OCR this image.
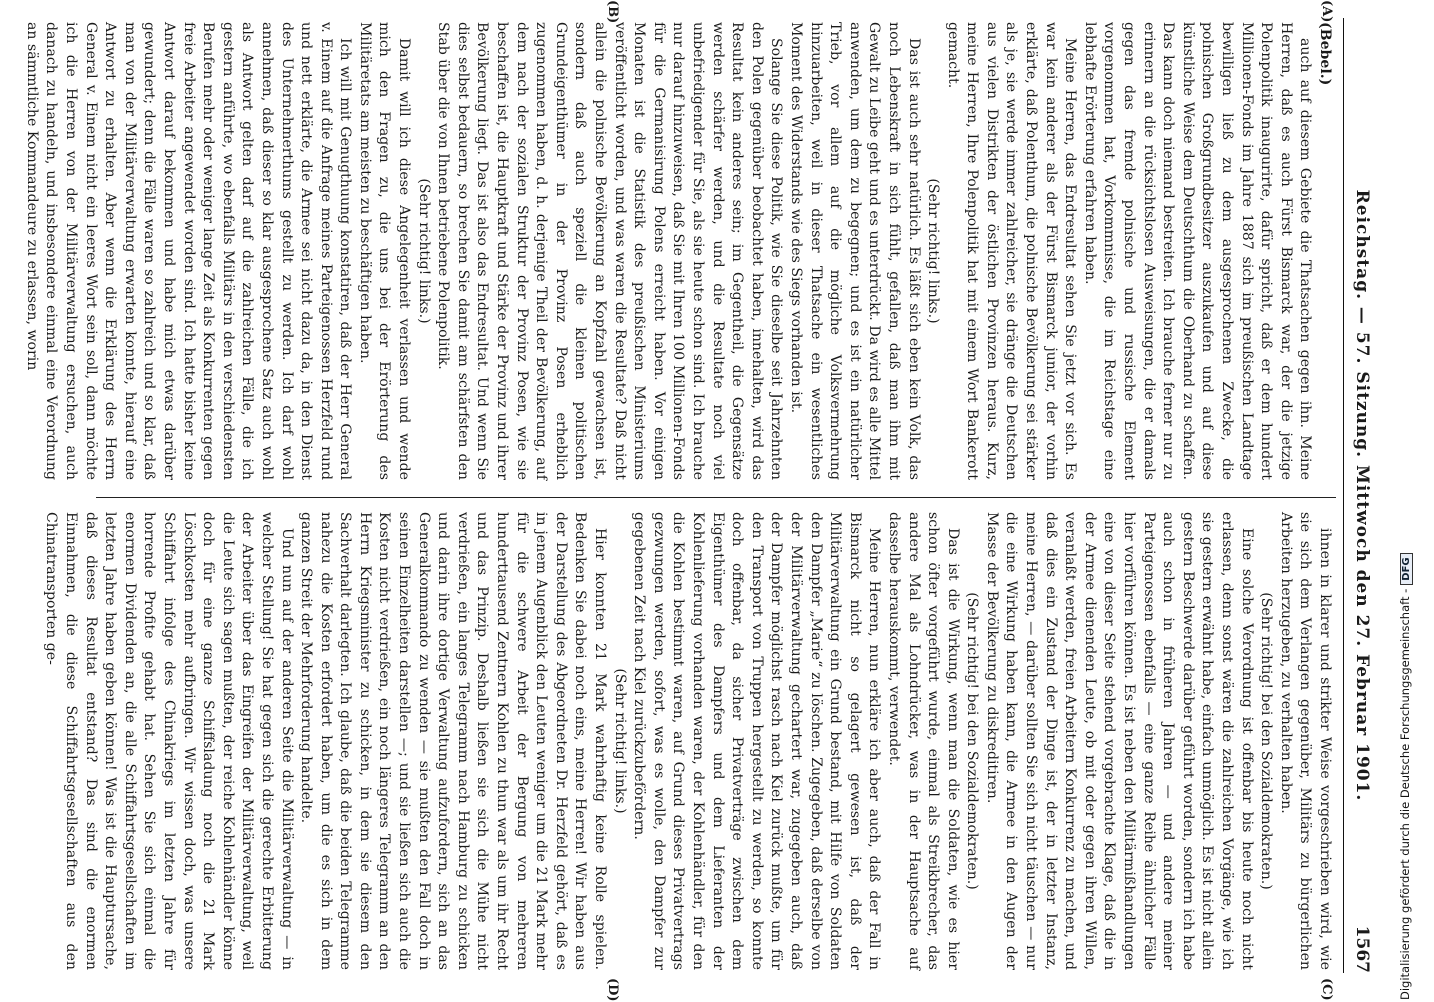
Reichstag. — 57. Sitzung. Mittwoch den 27. Februar 1901.
1567
(A)
(B)
(C)
(D)

(Bebel.)

auch auf diesem Gebiete die Thatsachen gegen ihn. Meine Herren, daß es auch Fürst Bismarck war, der die jetzige Polenpolitik inaugurirte, dafür spricht, daß er dem hundert Millionen-Fonds im Jahre 1887 sich im preußischen Landtage bewilligen ließ zu dem ausgesprochenen Zwecke, die polnischen Großgrundbesitzer auszukaufen und auf diese künstliche Weise dem Deutschthum die Oberhand zu schaffen. Das kann doch niemand bestreiten. Ich brauche ferner nur zu erinnern an die rücksichtslosen Ausweisungen, die er damals gegen das fremde polnische und russische Element vorgenommen hat, Vorkommnisse, die im Reichstage eine lebhafte Erörterung erfahren haben.

Meine Herren, das Endresultat sehen Sie jetzt vor sich. Es war kein anderer als der Fürst Bismarck junior, der vorhin erklärte, daß Polenthum, die polnische Bevölkerung sei stärker als je, sie werde immer zahlreicher, sie dränge die Deutschen aus vielen Distrikten der östlichen Provinzen heraus. Kurz, meine Herren, Ihre Polenpolitik hat mit einem Wort Bankerott gemacht.

(Sehr richtig! links.)

Das ist auch sehr natürlich. Es läßt sich eben kein Volk, das noch Lebenskraft in sich fühlt, gefallen, daß man ihm mit Gewalt zu Leibe geht und es unterdrückt. Da wird es alle Mittel anwenden, um dem zu begegnen; und es ist ein natürlicher Trieb, vor allem auf die mögliche Volksvermehrung hinzuarbeiten, weil in dieser Thatsache ein wesentliches Moment des Widerstands wie des Siegs vorhanden ist.

Solange Sie diese Politik, wie Sie dieselbe seit Jahrzehnten den Polen gegenüber beobachtet haben, innehalten, wird das Resultat kein anderes sein; im Gegentheil, die Gegensätze werden schärfer werden, und die Resultate noch viel unbefriedigender für Sie, als sie heute schon sind. Ich brauche nur darauf hinzuweisen, daß Sie mit Ihren 100 Millionen-Fonds für die Germanisirung Polens erreicht haben. Vor einigen Monaten ist die Statistik des preußischen Ministeriums veröffentlicht worden, und was waren die Resultate? Daß nicht allein die polnische Bevölkerung an Kopfzahl gewachsen ist, sondern daß auch speziell die kleinen politischen Grundeigenthümer in der Provinz Posen erheblich zugenommen haben, d. h. derjenige Theil der Bevölkerung, auf dem nach der sozialen Struktur der Provinz Posen, wie sie beschaffen ist, die Hauptkraft und Stärke der Provinz und ihrer Bevölkerung liegt. Das ist also das Endresultat. Und wenn Sie dies selbst bedauern, so brechen Sie damit am schärfsten den Stab über die von Ihnen betriebene Polenpolitik.

(Sehr richtig! links.)

Damit will ich diese Angelegenheit verlassen und wende mich den Fragen zu, die uns bei der Erörterung des Militäretats am meisten zu beschäftigen haben.

Ich will mit Genugthuung konstatiren, daß der Herr General v. Einem auf die Anfrage meines Parteigenossen Herzfeld rund und nett erklärte, die Armee sei nicht dazu da, in den Dienst des Unternehmerthums gestellt zu werden. Ich darf wohl annehmen, daß dieser so klar ausgesprochene Satz auch wohl als Antwort gelten darf auf die zahlreichen Fälle, die ich gestern anführte, wo ebenfalls Militärs in den verschiedensten Berufen mehr oder weniger lange Zeit als Konkurrenten gegen freie Arbeiter angewendet worden sind. Ich hatte bisher keine Antwort darauf bekommen und habe mich etwas darüber gewundert; denn die Fälle waren so zahlreich und so klar, daß man von der Militärverwaltung erwarten konnte, hierauf eine Antwort zu erhalten. Aber wenn die Erklärung des Herrn General v. Einem nicht ein leeres Wort sein soll, dann möchte ich die Herren von der Militärverwaltung ersuchen, auch danach zu handeln, und insbesondere einmal eine Verordnung an sämmtliche Kommandeure zu erlassen, worin

ihnen in klarer und strikter Weise vorgeschrieben wird, wie sie sich dem Verlangen gegenüber, Militärs zu bürgerlichen Arbeiten herzugeben, zu verhalten haben.

(Sehr richtig! bei den Sozialdemokraten.)

Eine solche Verordnung ist offenbar bis heute noch nicht erlassen, denn sonst wären die zahlreichen Vorgänge, wie ich sie gestern erwähnt habe, einfach unmöglich. Es ist nicht allein gestern Beschwerde darüber geführt worden, sondern ich habe auch schon in früheren Jahren — und andere meiner Parteigenossen ebenfalls — eine ganze Reihe ähnlicher Fälle hier vorführen können. Es ist neben den Militärmißhandlungen eine von dieser Seite stehend vorgebrachte Klage, daß die in der Armee dienenden Leute, ob mit oder gegen ihren Willen, veranlaßt werden, freien Arbeitern Konkurrenz zu machen, und daß dies ein Zustand der Dinge ist, der in letzter Instanz, meine Herren, — darüber sollten Sie sich nicht täuschen — nur die eine Wirkung haben kann, die Armee in den Augen der Masse der Bevölkerung zu diskreditiren.

(Sehr richtig! bei den Sozialdemokraten.)

Das ist die Wirkung, wenn man die Soldaten, wie es hier schon öfter vorgeführt wurde, einmal als Streikbrecher, das andere Mal als Lohndrücker, was in der Hauptsache auf dasselbe herauskommt, verwendet.

Meine Herren, nun erkläre ich aber auch, daß der Fall in Bismarck nicht so gelagert gewesen ist, daß der Militärverwaltung ein Grund bestand, mit Hilfe von Soldaten den Dampfer „Marie“ zu löschen. Zugegeben, daß derselbe von der Militärverwaltung gechartert war, zugegeben auch, daß der Dampfer möglichst rasch nach Kiel zurück mußte, um für den Transport von Truppen hergestellt zu werden, so konnte doch offenbar, da sicher Privatverträge zwischen dem Eigenthümer des Dampfers und dem Lieferanten der Kohlenlieferung vorhanden waren, der Kohlenhändler, für den die Kohlen bestimmt waren, auf Grund dieses Privatvertrags gezwungen werden, sofort, was es wolle, den Dampfer zur gegebenen Zeit nach Kiel zurückzubefördern.

(Sehr richtig! links.)

Hier konnten 21 Mark wahrhaftig keine Rolle spielen. Bedenken Sie dabei noch eins, meine Herren! Wir haben aus der Darstellung des Abgeordneten Dr. Herzfeld gehört, daß es in jenem Augenblick den Leuten weniger um die 21 Mark mehr für die schwere Arbeit der Bergung von mehreren hunderttausend Zentnern Kohlen zu thun war als um ihr Recht und das Prinzip. Deshalb ließen sie sich die Mühe nicht verdrießen, ein langes Telegramm nach Hamburg zu schicken und darin ihre dortige Verwaltung aufzufordern, sich an das Generalkommando zu wenden — sie mußten den Fall doch in seinen Einzelheiten darstellen —; und sie ließen sich auch die Kosten nicht verdrießen, ein noch längeres Telegramm an den Herrn Kriegsminister zu schicken, in dem sie diesem den Sachverhalt darlegten. Ich glaube, daß die beiden Telegramme nahezu die Kosten erfordert haben, um die es sich in dem ganzen Streit der Mehrforderung handelte.

Und nun auf der anderen Seite die Militärverwaltung — in welcher Stellung! Sie hat gegen sich die gerechte Erbitterung der Arbeiter über das Eingreifen der Militärverwaltung, weil die Leute sich sagen mußten, der reiche Kohlenhändler könne doch für eine ganze Schiffsladung noch die 21 Mark Löschkosten mehr aufbringen. Wir wissen doch, was unsere Schiffahrt infolge des Chinakriegs im letzten Jahre für horrende Profite gehabt hat. Sehen Sie sich einmal die enormen Dividenden an, die alle Schiffahrtsgesellschaften im letzten Jahre haben geben können! Was ist die Hauptursache, daß dieses Resultat entstand? Das sind die enormen Einnahmen, die diese Schiffahrtsgesellschaften aus den Chinatransporten ge-

Digitalisierung gefördert durch die Deutsche Forschungsgemeinschaft -DFG
